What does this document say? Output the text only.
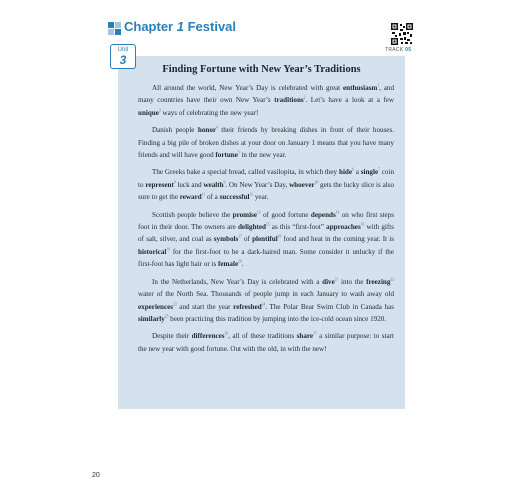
Chapter 1 Festival
TRACK 05
Unit
3
Finding Fortune with New Year’s Traditions

All around the world, New Year’s Day is celebrated with great enthusiasm$^1$, and many countries have their own New Year’s traditions$^2$. Let’s have a look at a few unique$^3$ ways of celebrating the new year!

Danish people honor$^4$ their friends by breaking dishes in front of their houses. Finding a big pile of broken dishes at your door on January 1 means that you have many friends and will have good fortune$^5$ in the new year.

The Greeks bake a special bread, called vasilopita, in which they hide$^6$ a single$^7$ coin to represent$^8$ luck and wealth$^9$. On New Year’s Day, whoever$^{10}$ gets the lucky slice is also sure to get the reward$^{11}$ of a successful$^{12}$ year.

Scottish people believe the promise$^{13}$ of good fortune depends$^{14}$ on who first steps foot in their door. The owners are delighted$^{15}$ as this “first-foot” approaches$^{16}$ with gifts of salt, silver, and coal as symbols$^{17}$ of plentiful$^{18}$ food and heat in the coming year. It is historical$^{19}$ for the first-foot to be a dark-haired man. Some consider it unlucky if the first-foot has light hair or is female$^{20}$.

In the Netherlands, New Year’s Day is celebrated with a dive$^{21}$ into the freezing$^{22}$ water of the North Sea. Thousands of people jump in each January to wash away old experiences$^{23}$ and start the year refreshed$^{24}$. The Polar Bear Swim Club in Canada has similarly$^{25}$ been practicing this tradition by jumping into the ice-cold ocean since 1920.

Despite their differences$^{26}$, all of these traditions share$^{27}$ a similar purpose: to start the new year with good fortune. Out with the old, in with the new!

20
